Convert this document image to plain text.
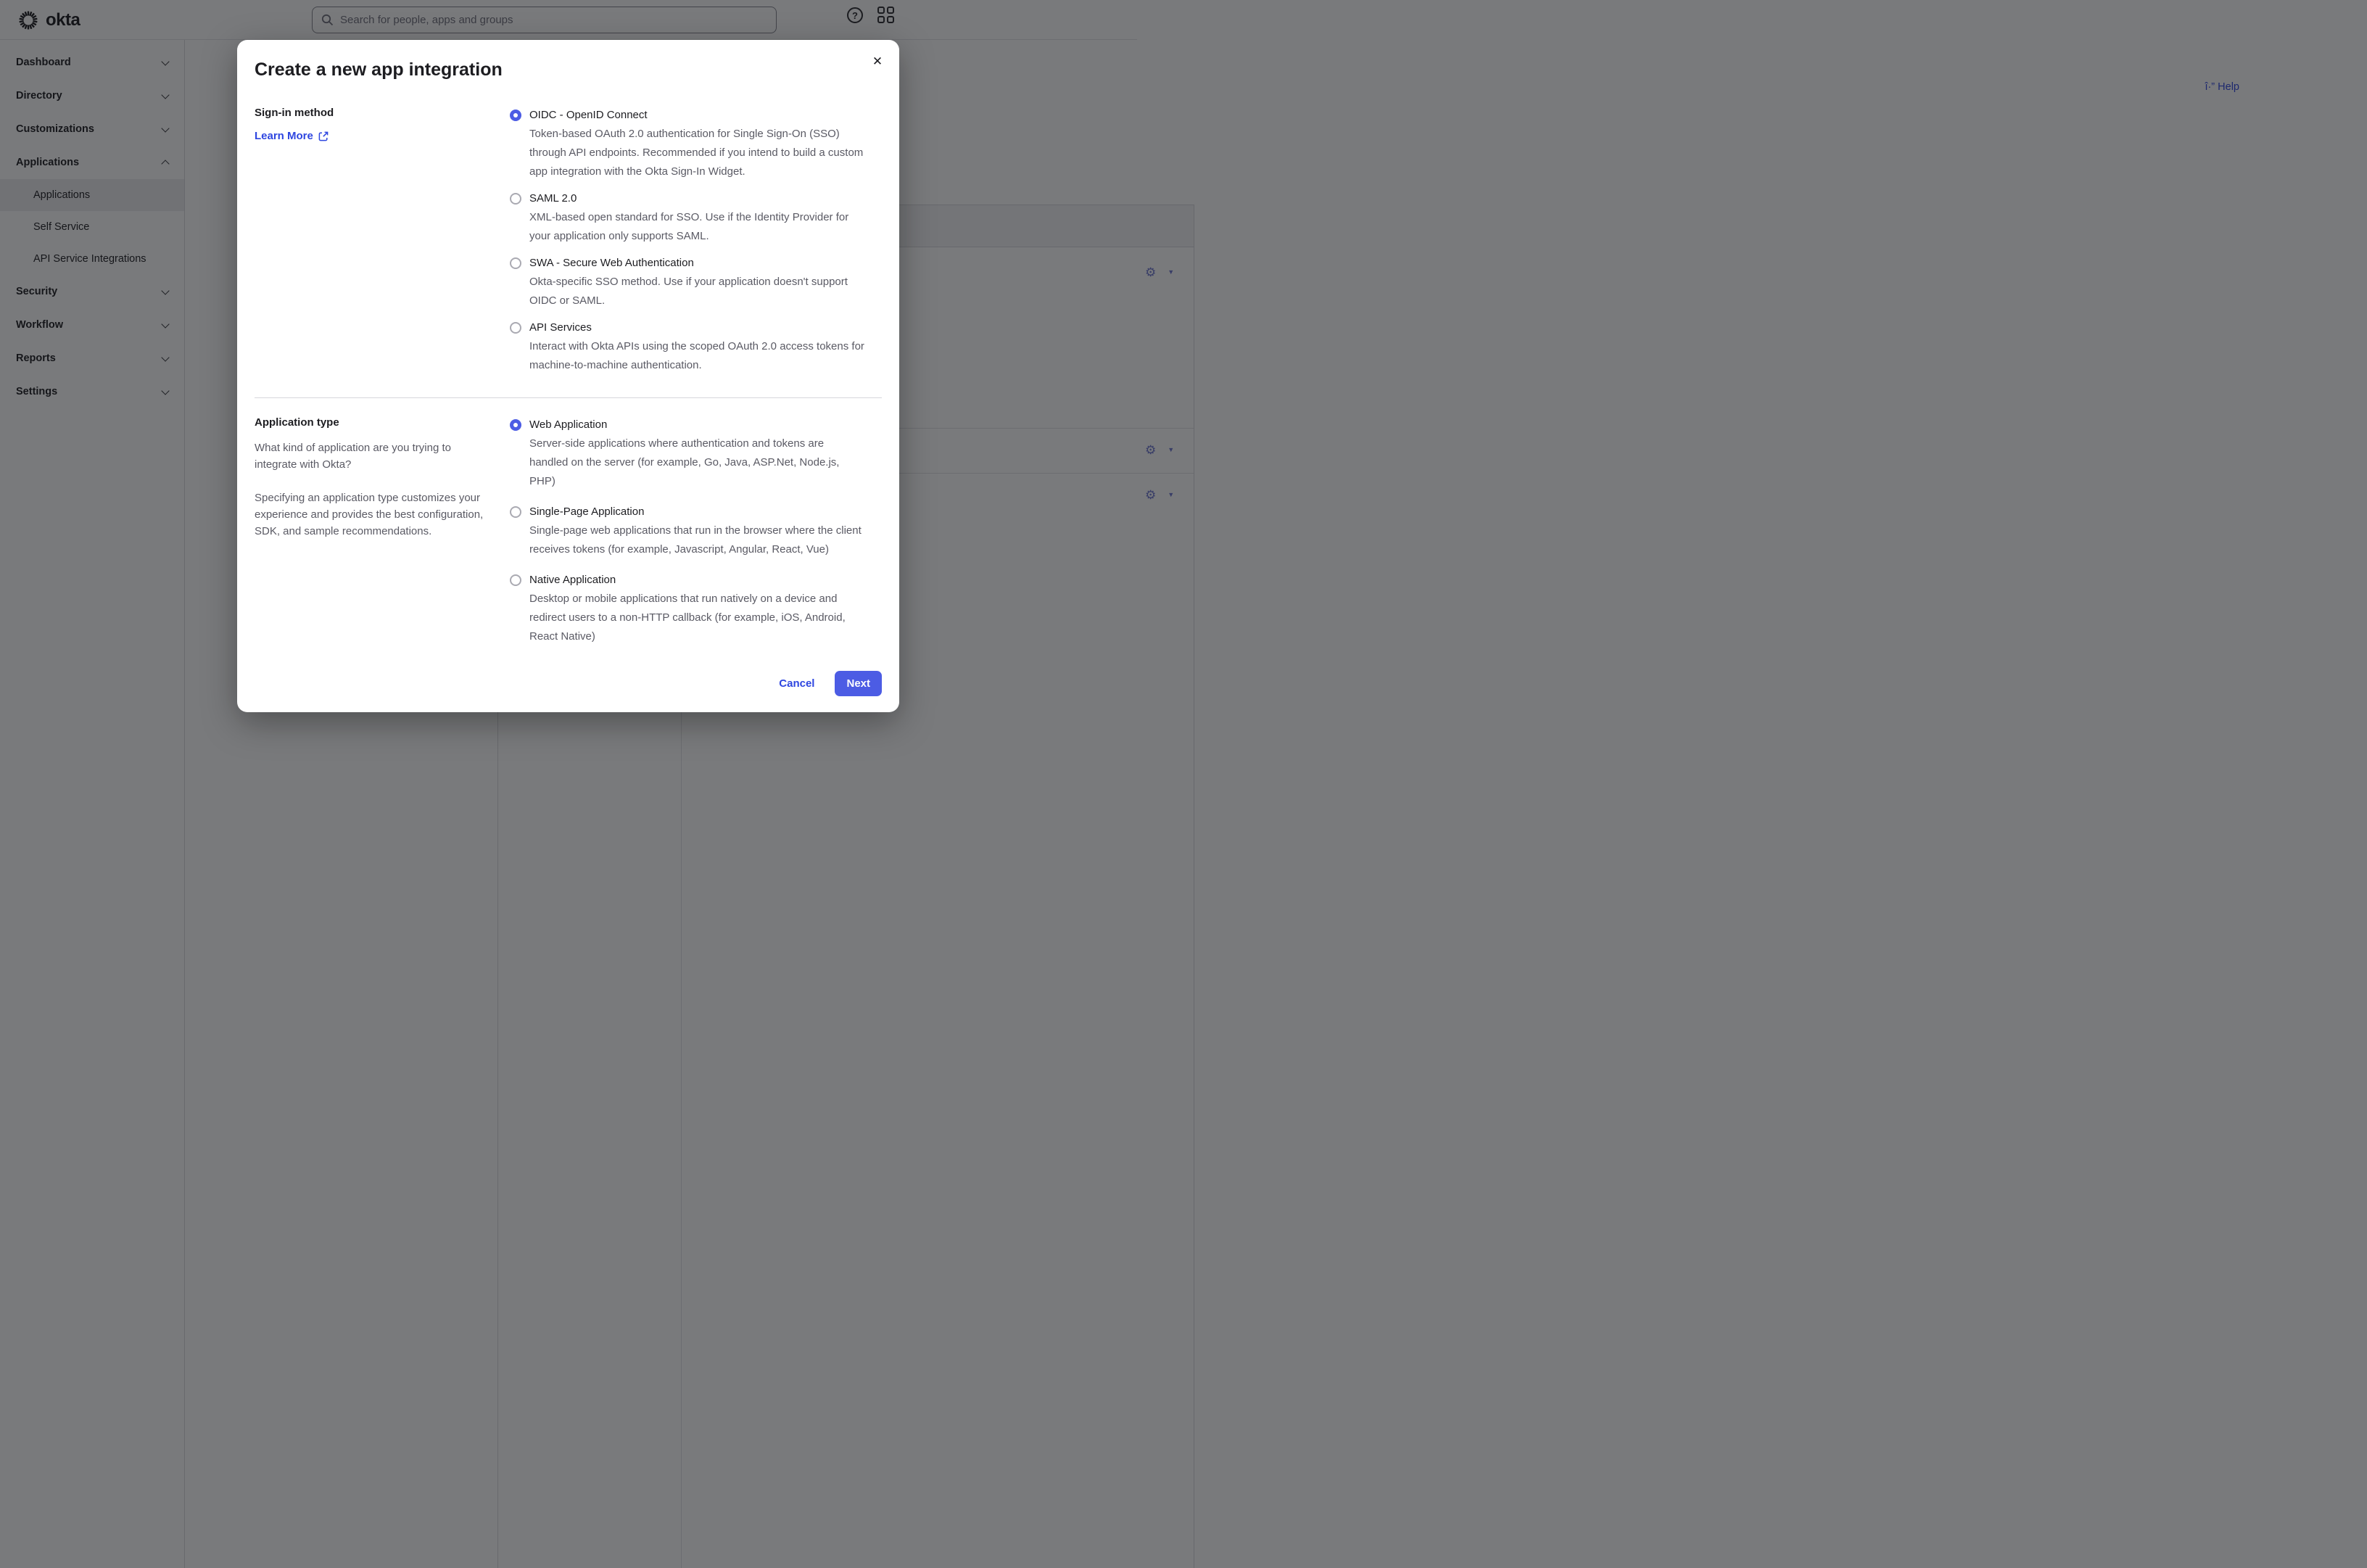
✕
Create a new app integration
Sign-in method
Learn More
OIDC - OpenID Connect
Token-based OAuth 2.0 authentication for Single Sign-On (SSO) through API endpoints. Recommended if you intend to build a custom app integration with the Okta Sign-In Widget.
SAML 2.0
XML-based open standard for SSO. Use if the Identity Provider for your application only supports SAML.
SWA - Secure Web Authentication
Okta-specific SSO method. Use if your application doesn't support OIDC or SAML.
API Services
Interact with Okta APIs using the scoped OAuth 2.0 access tokens for machine-to-machine authentication.
Application type
What kind of application are you trying to integrate with Okta?
Specifying an application type customizes your experience and provides the best configuration, SDK, and sample recommendations.
Web Application
Server-side applications where authentication and tokens are handled on the server (for example, Go, Java, ASP.Net, Node.js, PHP)
Single-Page Application
Single-page web applications that run in the browser where the client receives tokens (for example, Javascript, Angular, React, Vue)
Native Application
Desktop or mobile applications that run natively on a device and redirect users to a non-HTTP callback (for example, iOS, Android, React Native)
Cancel	Next
